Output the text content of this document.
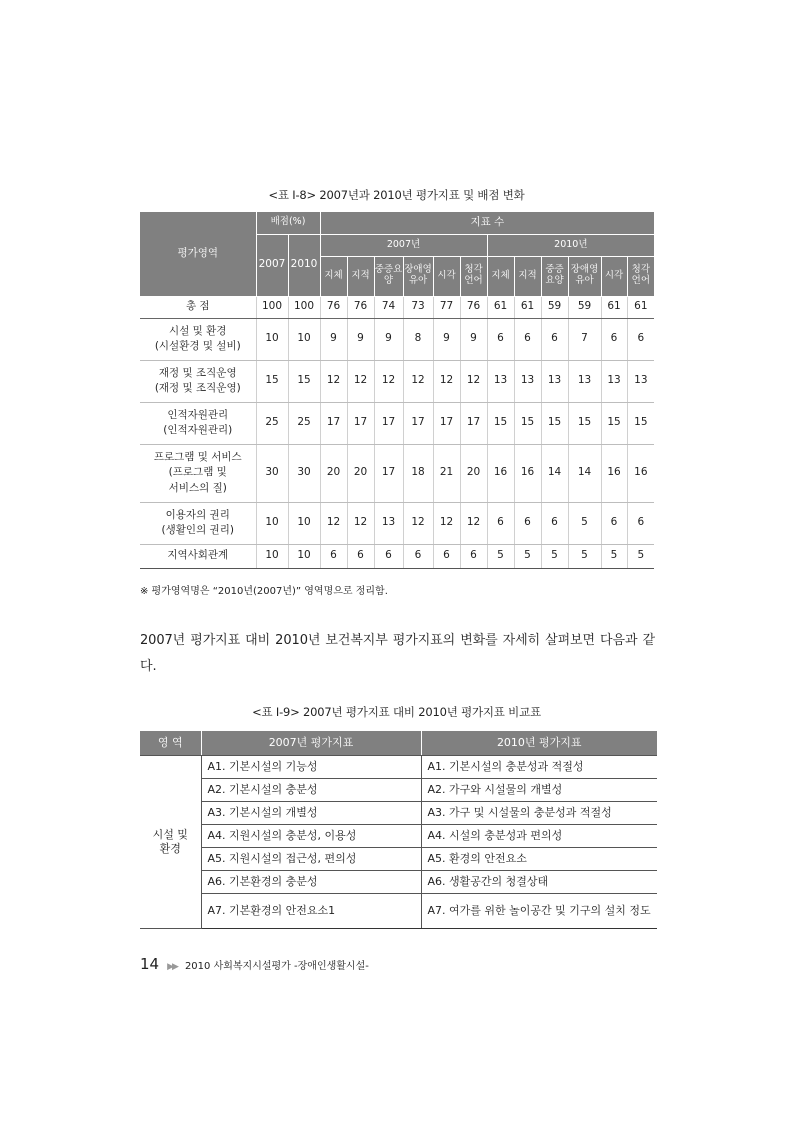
<표 Ⅰ-8> 2007년과 2010년 평가지표 및 배점 변화
평가영역	배점(%)		지표 수											
	2007	2010	2007년						2010년					
			지체	지적	중증요양	장애영유아	시각	청각언어	지체	지적	중증요양	장애영유아	시각	청각언어
총 점	100	100	76	76	74	73	77	76	61	61	59	59	61	61
시설 및 환경
(시설환경 및 설비)	10	10	9	9	9	8	9	9	6	6	6	7	6	6
재정 및 조직운영
(재정 및 조직운영)	15	15	12	12	12	12	12	12	13	13	13	13	13	13
인적자원관리
(인적자원관리)	25	25	17	17	17	17	17	17	15	15	15	15	15	15
프로그램 및 서비스
(프로그램 및
서비스의 질)	30	30	20	20	17	18	21	20	16	16	14	14	16	16
이용자의 권리
(생활인의 권리)	10	10	12	12	13	12	12	12	6	6	6	5	6	6
지역사회관계	10	10	6	6	6	6	6	6	5	5	5	5	5	5
※ 평가영역명은 “2010년(2007년)” 영역명으로 정리함.
2007년 평가지표 대비 2010년 보건복지부 평가지표의 변화를 자세히 살펴보면 다음과 같다.
<표 Ⅰ-9> 2007년 평가지표 대비 2010년 평가지표 비교표
영 역	2007년 평가지표	2010년 평가지표
시설 및
환경	A1. 기본시설의 기능성	A1. 기본시설의 충분성과 적절성
	A2. 기본시설의 충분성	A2. 가구와 시설물의 개별성
	A3. 기본시설의 개별성	A3. 가구 및 시설물의 충분성과 적절성
	A4. 지원시설의 충분성, 이용성	A4. 시설의 충분성과 편의성
	A5. 지원시설의 접근성, 편의성	A5. 환경의 안전요소
	A6. 기본환경의 충분성	A6. 생활공간의 청결상태
	A7. 기본환경의 안전요소1	A7. 여가를 위한 놀이공간 및 기구의 설치 정도
14 ▶▶ 2010 사회복지시설평가 -장애인생활시설-
